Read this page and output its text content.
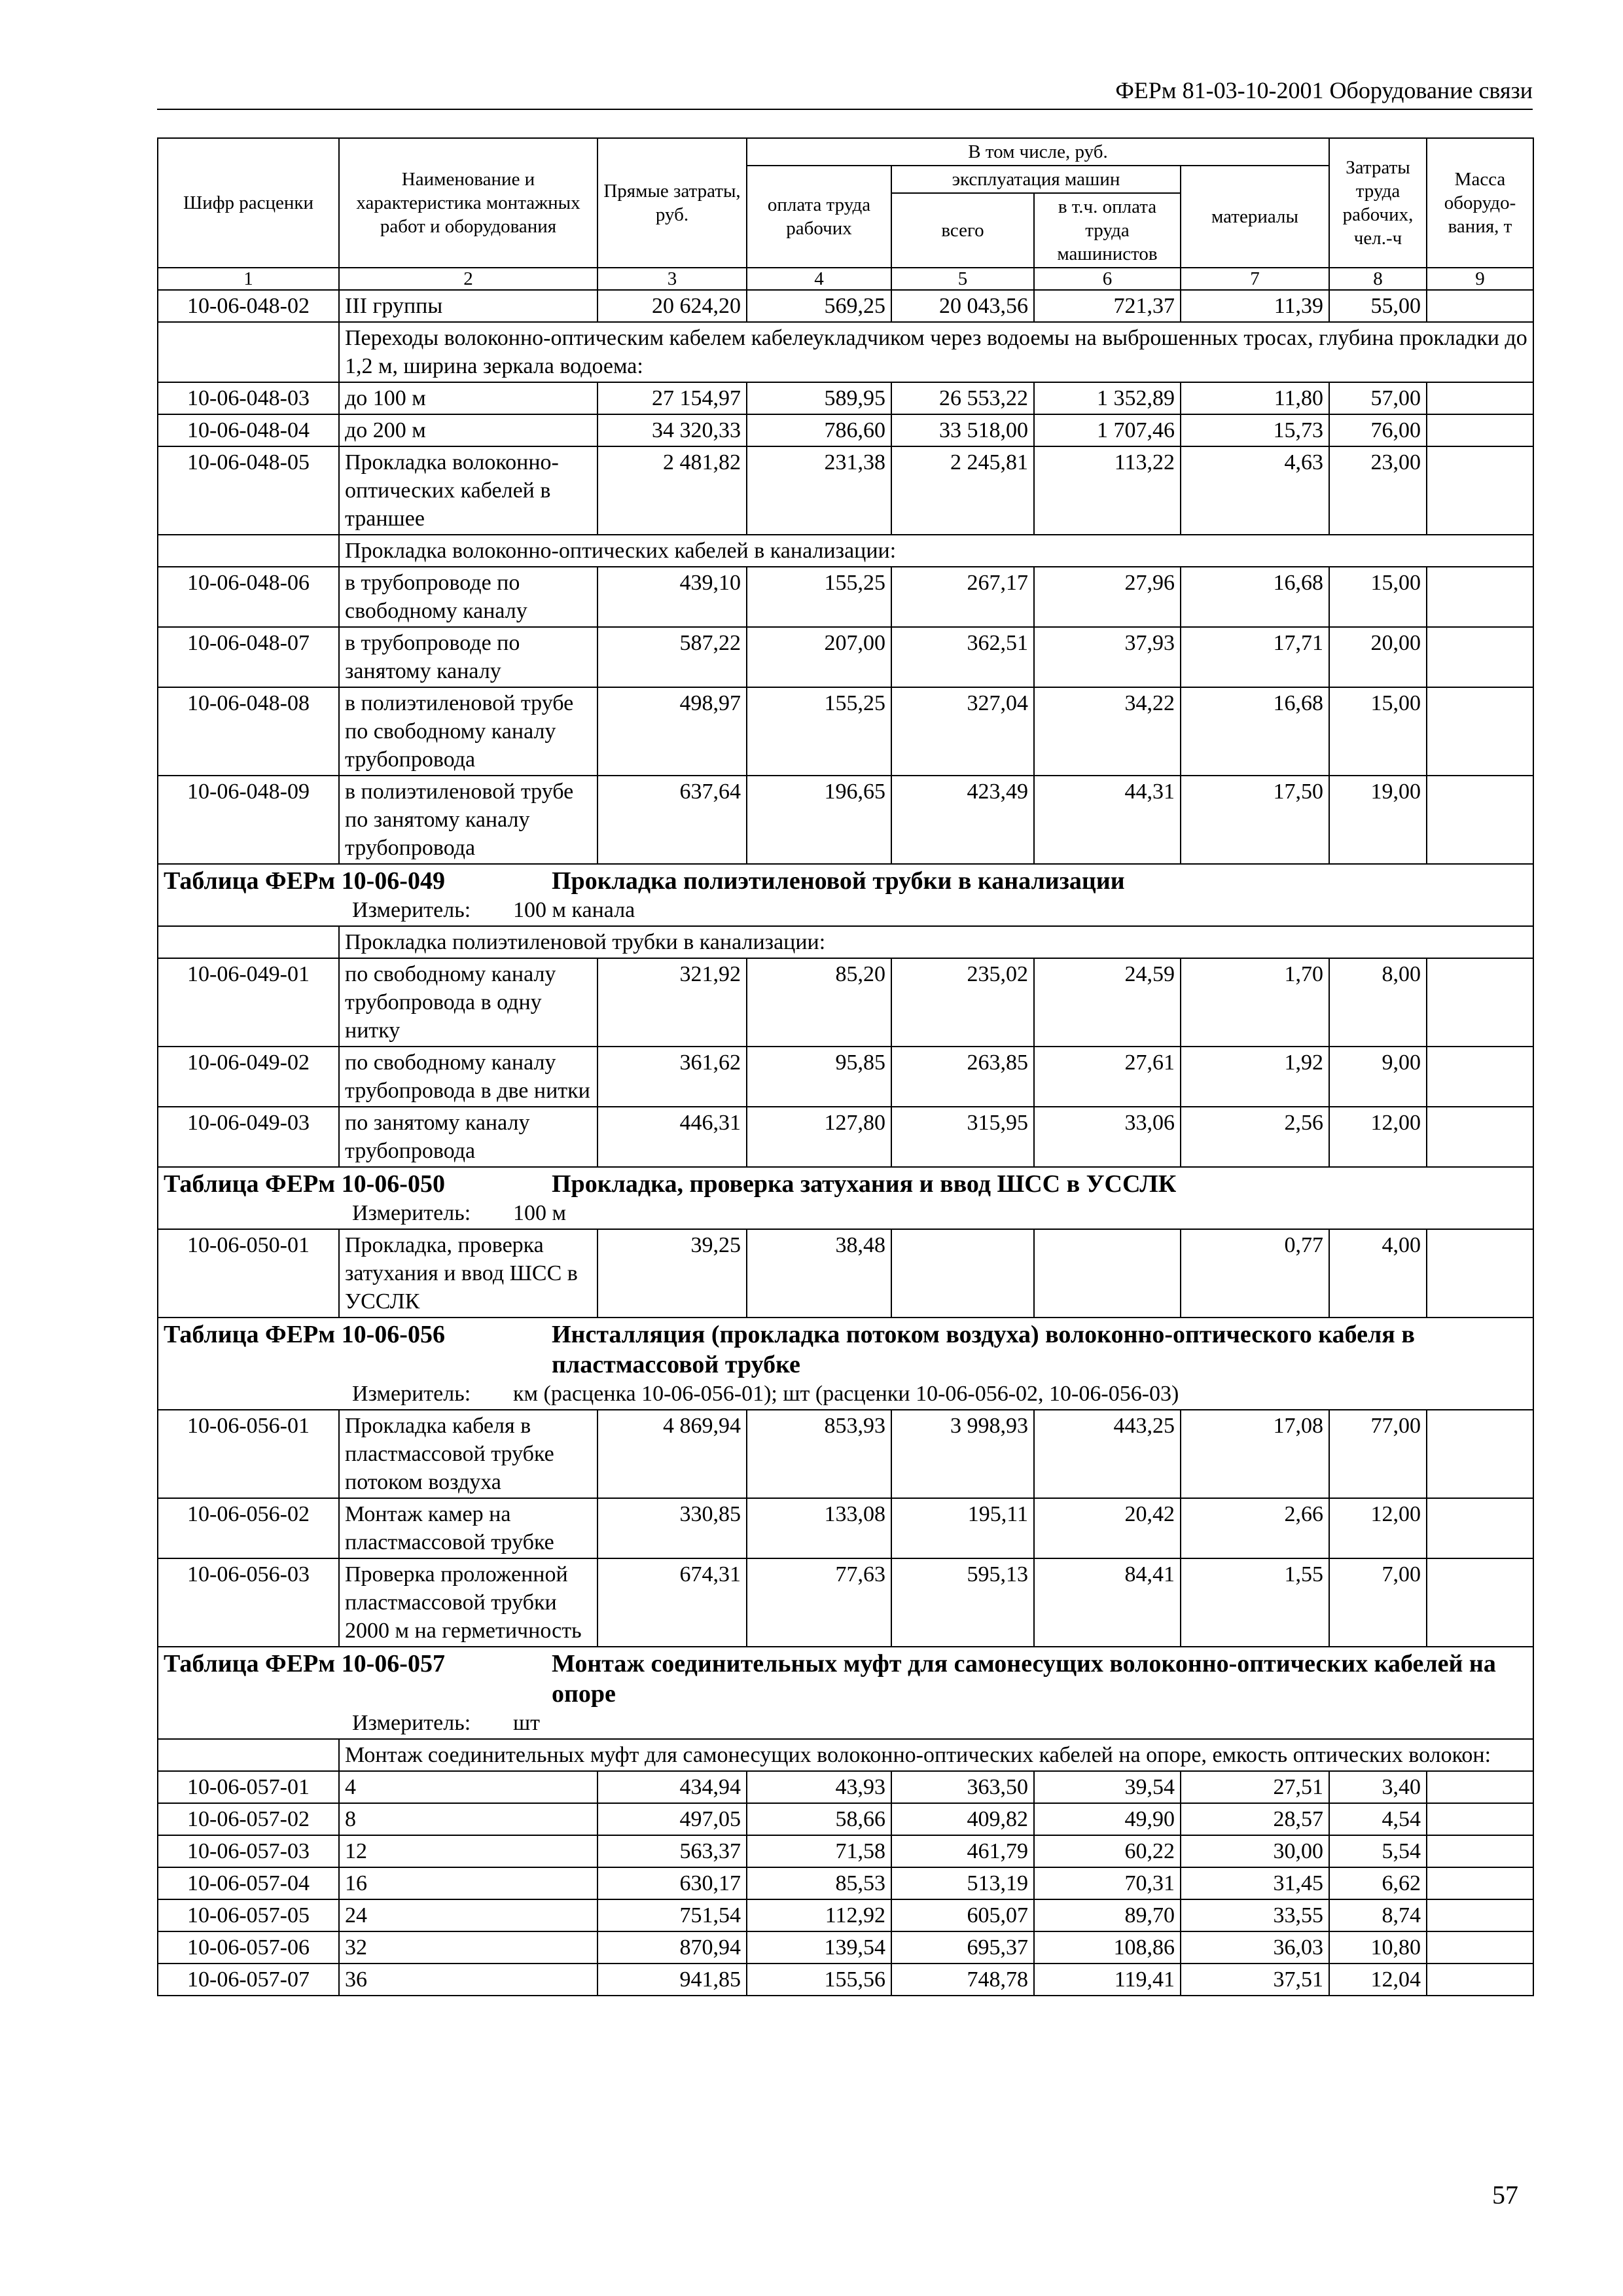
ФЕРм 81-03-10-2001 Оборудование связи
Шифр расценки	Наименование и характеристика монтажных работ и оборудования	Прямые затраты, руб.	В том числе, руб.				Затраты труда рабочих, чел.-ч	Масса оборудо-вания, т
			оплата труда рабочих	эксплуатация машин		материалы		
				всего	в т.ч. оплата труда машинистов			
1	2	3	4	5	6	7	8	9
10-06-048-02	III группы	20 624,20	569,25	20 043,56	721,37	11,39	55,00	
	Переходы волоконно-оптическим кабелем кабелеукладчиком через водоемы на выброшенных тросах, глубина прокладки до 1,2 м, ширина зеркала водоема:							
10-06-048-03	до 100 м	27 154,97	589,95	26 553,22	1 352,89	11,80	57,00	
10-06-048-04	до 200 м	34 320,33	786,60	33 518,00	1 707,46	15,73	76,00	
10-06-048-05	Прокладка волоконно-оптических кабелей в траншее	2 481,82	231,38	2 245,81	113,22	4,63	23,00	
	Прокладка волоконно-оптических кабелей в канализации:							
10-06-048-06	в трубопроводе по свободному каналу	439,10	155,25	267,17	27,96	16,68	15,00	
10-06-048-07	в трубопроводе по занятому каналу	587,22	207,00	362,51	37,93	17,71	20,00	
10-06-048-08	в полиэтиленовой трубе по свободному каналу трубопровода	498,97	155,25	327,04	34,22	16,68	15,00	
10-06-048-09	в полиэтиленовой трубе по занятому каналу трубопровода	637,64	196,65	423,49	44,31	17,50	19,00	

Таблица ФЕРм 10-06-049 Прокладка полиэтиленовой трубки в канализации
Измеритель: 100 м канала								

	Прокладка полиэтиленовой трубки в канализации:							
10-06-049-01	по свободному каналу трубопровода в одну нитку	321,92	85,20	235,02	24,59	1,70	8,00	
10-06-049-02	по свободному каналу трубопровода в две нитки	361,62	95,85	263,85	27,61	1,92	9,00	
10-06-049-03	по занятому каналу трубопровода	446,31	127,80	315,95	33,06	2,56	12,00	

Таблица ФЕРм 10-06-050 Прокладка, проверка затухания и ввод ШСС в УССЛК
Измеритель: 100 м								

10-06-050-01	Прокладка, проверка затухания и ввод ШСС в УССЛК	39,25	38,48			0,77	4,00	

Таблица ФЕРм 10-06-056 Инсталляция (прокладка потоком воздуха) волоконно-оптического кабеля в пластмассовой трубке
Измеритель: км (расценка 10-06-056-01); шт (расценки 10-06-056-02, 10-06-056-03)								

10-06-056-01	Прокладка кабеля в пластмассовой трубке потоком воздуха	4 869,94	853,93	3 998,93	443,25	17,08	77,00	
10-06-056-02	Монтаж камер на пластмассовой трубке	330,85	133,08	195,11	20,42	2,66	12,00	
10-06-056-03	Проверка проложенной пластмассовой трубки 2000 м на герметичность	674,31	77,63	595,13	84,41	1,55	7,00	

Таблица ФЕРм 10-06-057 Монтаж соединительных муфт для самонесущих волоконно-оптических кабелей на опоре
Измеритель: шт								

	Монтаж соединительных муфт для самонесущих волоконно-оптических кабелей на опоре, емкость оптических волокон:							
10-06-057-01	4	434,94	43,93	363,50	39,54	27,51	3,40	
10-06-057-02	8	497,05	58,66	409,82	49,90	28,57	4,54	
10-06-057-03	12	563,37	71,58	461,79	60,22	30,00	5,54	
10-06-057-04	16	630,17	85,53	513,19	70,31	31,45	6,62	
10-06-057-05	24	751,54	112,92	605,07	89,70	33,55	8,74	
10-06-057-06	32	870,94	139,54	695,37	108,86	36,03	10,80	
10-06-057-07	36	941,85	155,56	748,78	119,41	37,51	12,04	
57
